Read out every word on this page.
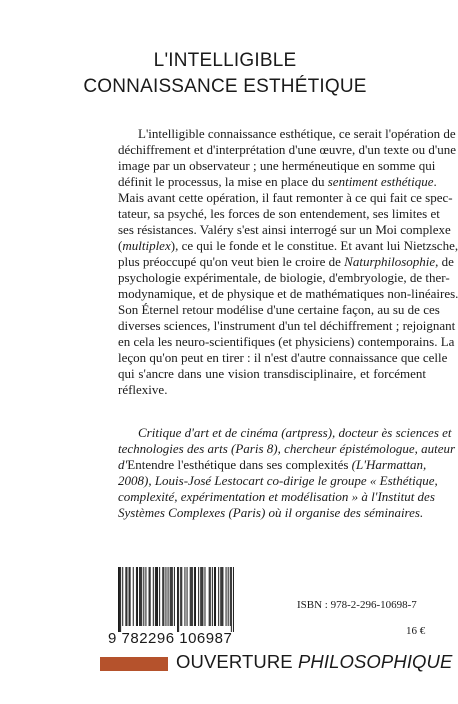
L'INTELLIGIBLE
CONNAISSANCE ESTHÉTIQUE
L'intelligible connaissance esthétique, ce serait l'opération de
déchiffrement et d'interprétation d'une œuvre, d'un texte ou d'une
image par un observateur ; une herméneutique en somme qui
définit le processus, la mise en place du sentiment esthétique.
Mais avant cette opération, il faut remonter à ce qui fait ce spec-
tateur, sa psyché, les forces de son entendement, ses limites et
ses résistances. Valéry s'est ainsi interrogé sur un Moi complexe
(multiplex), ce qui le fonde et le constitue. Et avant lui Nietzsche,
plus préoccupé qu'on veut bien le croire de Naturphilosophie, de
psychologie expérimentale, de biologie, d'embryologie, de ther-
modynamique, et de physique et de mathématiques non-linéaires.
Son Éternel retour modélise d'une certaine façon, au su de ces
diverses sciences, l'instrument d'un tel déchiffrement ; rejoignant
en cela les neuro-scientifiques (et physiciens) contemporains. La
leçon qu'on peut en tirer : il n'est d'autre connaissance que celle
qui s'ancre dans une vision transdisciplinaire, et forcément
réflexive.
Critique d'art et de cinéma (artpress), docteur ès sciences et
technologies des arts (Paris 8), chercheur épistémologue, auteur
d'Entendre l'esthétique dans ses complexités (L'Harmattan,
2008), Louis-José Lestocart co-dirige le groupe « Esthétique,
complexité, expérimentation et modélisation » à l'Institut des
Systèmes Complexes (Paris) où il organise des séminaires.
9 782296 106987
ISBN : 978-2-296-10698-7
16 €
OUVERTURE PHILOSOPHIQUE
